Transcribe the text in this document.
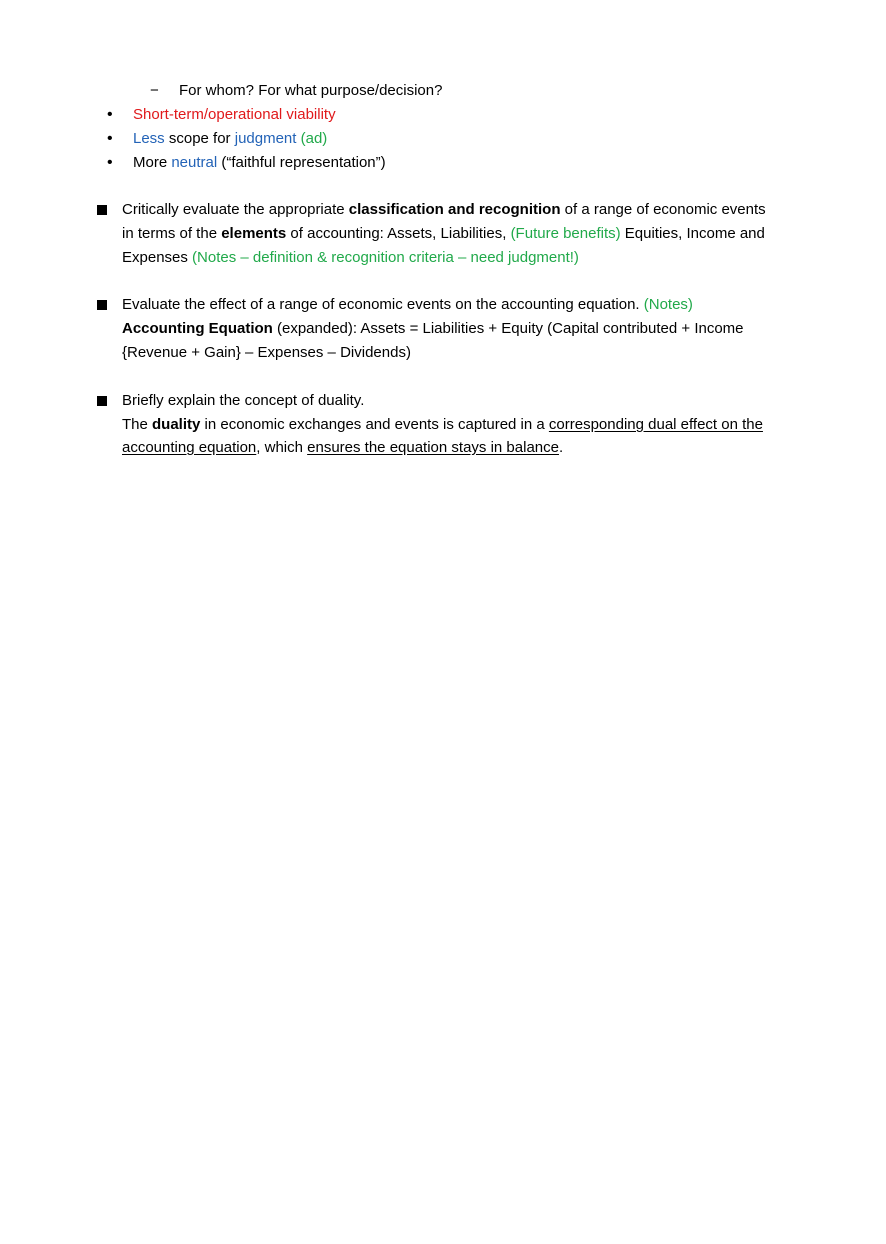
−	For whom? For what purpose/decision?
• Short-term/operational viability
• Less scope for judgment (ad)
• More neutral (“faithful representation”)
Critically evaluate the appropriate classification and recognition of a range of economic events
in terms of the elements of accounting: Assets, Liabilities, (Future benefits) Equities, Income and
Expenses (Notes – definition & recognition criteria – need judgment!)
Evaluate the effect of a range of economic events on the accounting equation. (Notes)
Accounting Equation (expanded): Assets = Liabilities + Equity (Capital contributed + Income
{Revenue + Gain} – Expenses – Dividends)
Briefly explain the concept of duality.
The duality in economic exchanges and events is captured in a corresponding dual effect on the
accounting equation, which ensures the equation stays in balance.
